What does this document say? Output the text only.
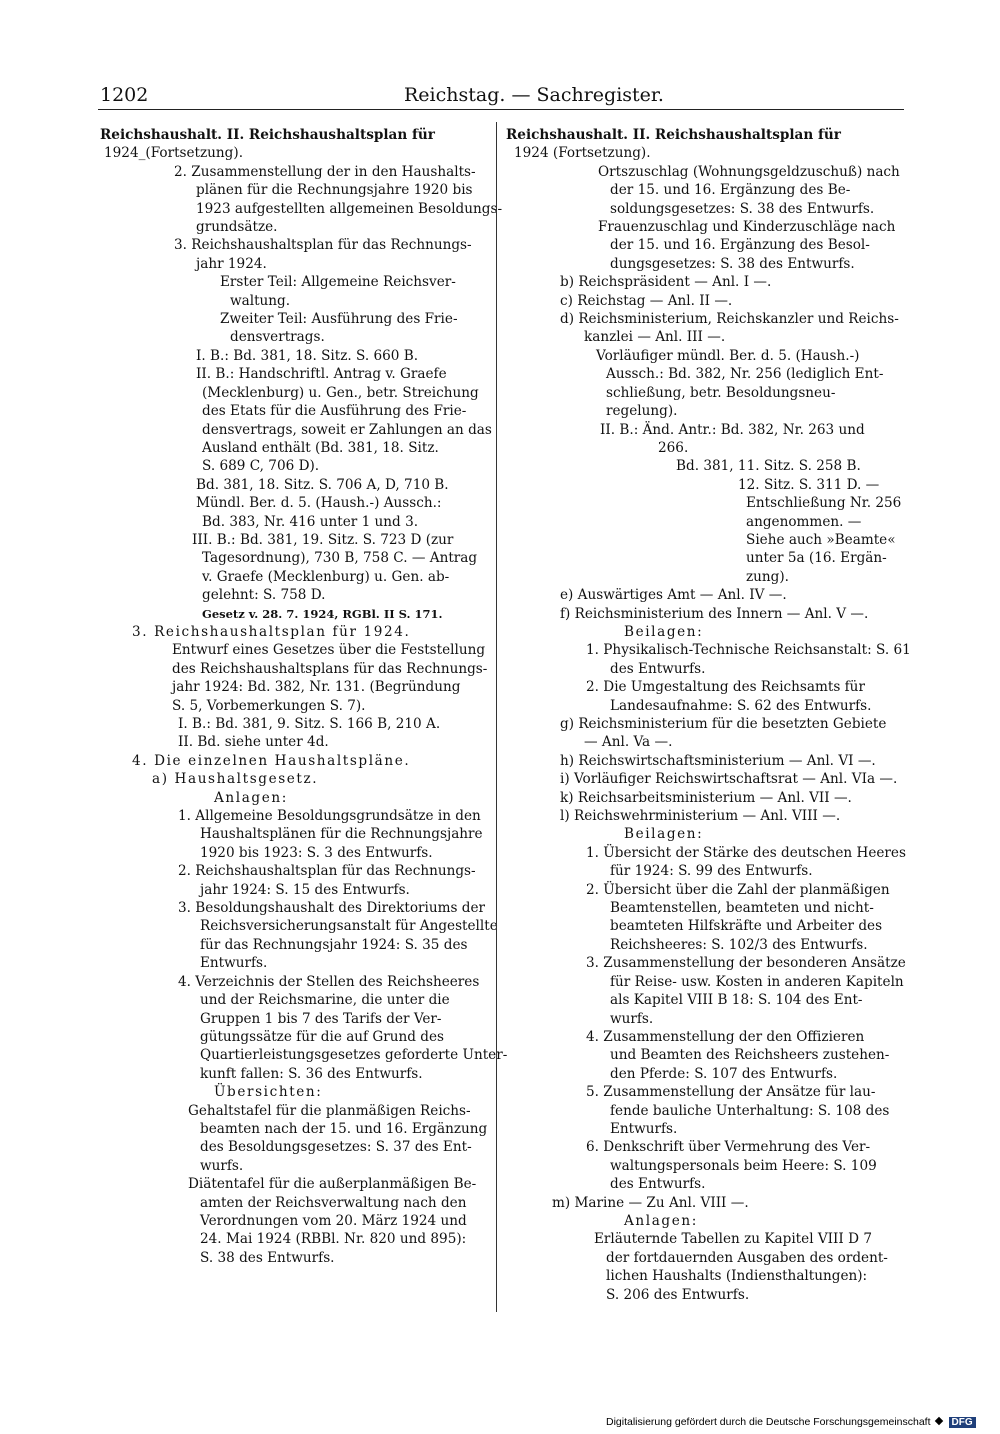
1202	Reichstag. — Sachregister.
Reichshaushalt. II. Reichshaushaltsplan für
1924_(Fortsetzung).
2. Zusammenstellung der in den Haushalts-
plänen für die Rechnungsjahre 1920 bis
1923 aufgestellten allgemeinen Besoldungs-
grundsätze.
3. Reichshaushaltsplan für das Rechnungs-
jahr 1924.
Erster Teil: Allgemeine Reichsver-
waltung.
Zweiter Teil: Ausführung des Frie-
densvertrags.
I. B.: Bd. 381, 18. Sitz. S. 660 B.
II. B.: Handschriftl. Antrag v. Graefe
(Mecklenburg) u. Gen., betr. Streichung
des Etats für die Ausführung des Frie-
densvertrags, soweit er Zahlungen an das
Ausland enthält (Bd. 381, 18. Sitz.
S. 689 C, 706 D).
Bd. 381, 18. Sitz. S. 706 A, D, 710 B.
Mündl. Ber. d. 5. (Haush.-) Aussch.:
Bd. 383, Nr. 416 unter 1 und 3.
III. B.: Bd. 381, 19. Sitz. S. 723 D (zur
Tagesordnung), 730 B, 758 C. — Antrag
v. Graefe (Mecklenburg) u. Gen. ab-
gelehnt: S. 758 D.
Gesetz v. 28. 7. 1924, RGBl. II S. 171.
3. Reichshaushaltsplan für 1924.
Entwurf eines Gesetzes über die Feststellung
des Reichshaushaltsplans für das Rechnungs-
jahr 1924: Bd. 382, Nr. 131. (Begründung
S. 5, Vorbemerkungen S. 7).
I. B.: Bd. 381, 9. Sitz. S. 166 B, 210 A.
II. Bd. siehe unter 4d.
4. Die einzelnen Haushaltspläne.
a) Haushaltsgesetz.
Anlagen:
1. Allgemeine Besoldungsgrundsätze in den
Haushaltsplänen für die Rechnungsjahre
1920 bis 1923: S. 3 des Entwurfs.
2. Reichshaushaltsplan für das Rechnungs-
jahr 1924: S. 15 des Entwurfs.
3. Besoldungshaushalt des Direktoriums der
Reichsversicherungsanstalt für Angestellte
für das Rechnungsjahr 1924: S. 35 des
Entwurfs.
4. Verzeichnis der Stellen des Reichsheeres
und der Reichsmarine, die unter die
Gruppen 1 bis 7 des Tarifs der Ver-
gütungssätze für die auf Grund des
Quartierleistungsgesetzes geforderte Unter-
kunft fallen: S. 36 des Entwurfs.
Übersichten:
Gehaltstafel für die planmäßigen Reichs-
beamten nach der 15. und 16. Ergänzung
des Besoldungsgesetzes: S. 37 des Ent-
wurfs.
Diätentafel für die außerplanmäßigen Be-
amten der Reichsverwaltung nach den
Verordnungen vom 20. März 1924 und
24. Mai 1924 (RBBl. Nr. 820 und 895):
S. 38 des Entwurfs.
Reichshaushalt. II. Reichshaushaltsplan für
1924 (Fortsetzung).
Ortszuschlag (Wohnungsgeldzuschuß) nach
der 15. und 16. Ergänzung des Be-
soldungsgesetzes: S. 38 des Entwurfs.
Frauenzuschlag und Kinderzuschläge nach
der 15. und 16. Ergänzung des Besol-
dungsgesetzes: S. 38 des Entwurfs.
b) Reichspräsident — Anl. I —.
c) Reichstag — Anl. II —.
d) Reichsministerium, Reichskanzler und Reichs-
kanzlei — Anl. III —.
Vorläufiger mündl. Ber. d. 5. (Haush.-)
Aussch.: Bd. 382, Nr. 256 (lediglich Ent-
schließung, betr. Besoldungsneu-
regelung).
II. B.: Änd. Antr.: Bd. 382, Nr. 263 und
266.
Bd. 381, 11. Sitz. S. 258 B.
12. Sitz. S. 311 D. —
Entschließung Nr. 256
angenommen. —
Siehe auch »Beamte«
unter 5a (16. Ergän-
zung).
e) Auswärtiges Amt — Anl. IV —.
f) Reichsministerium des Innern — Anl. V —.
Beilagen:
1. Physikalisch-Technische Reichsanstalt: S. 61
des Entwurfs.
2. Die Umgestaltung des Reichsamts für
Landesaufnahme: S. 62 des Entwurfs.
g) Reichsministerium für die besetzten Gebiete
— Anl. Va —.
h) Reichswirtschaftsministerium — Anl. VI —.
i) Vorläufiger Reichswirtschaftsrat — Anl. VIa —.
k) Reichsarbeitsministerium — Anl. VII —.
l) Reichswehrministerium — Anl. VIII —.
Beilagen:
1. Übersicht der Stärke des deutschen Heeres
für 1924: S. 99 des Entwurfs.
2. Übersicht über die Zahl der planmäßigen
Beamtenstellen, beamteten und nicht-
beamteten Hilfskräfte und Arbeiter des
Reichsheeres: S. 102/3 des Entwurfs.
3. Zusammenstellung der besonderen Ansätze
für Reise- usw. Kosten in anderen Kapiteln
als Kapitel VIII B 18: S. 104 des Ent-
wurfs.
4. Zusammenstellung der den Offizieren
und Beamten des Reichsheers zustehen-
den Pferde: S. 107 des Entwurfs.
5. Zusammenstellung der Ansätze für lau-
fende bauliche Unterhaltung: S. 108 des
Entwurfs.
6. Denkschrift über Vermehrung des Ver-
waltungspersonals beim Heere: S. 109
des Entwurfs.
m) Marine — Zu Anl. VIII —.
Anlagen:
Erläuternde Tabellen zu Kapitel VIII D 7
der fortdauernden Ausgaben des ordent-
lichen Haushalts (Indiensthaltungen):
S. 206 des Entwurfs.
Digitalisierung gefördert durch die Deutsche Forschungsgemeinschaft DFG
